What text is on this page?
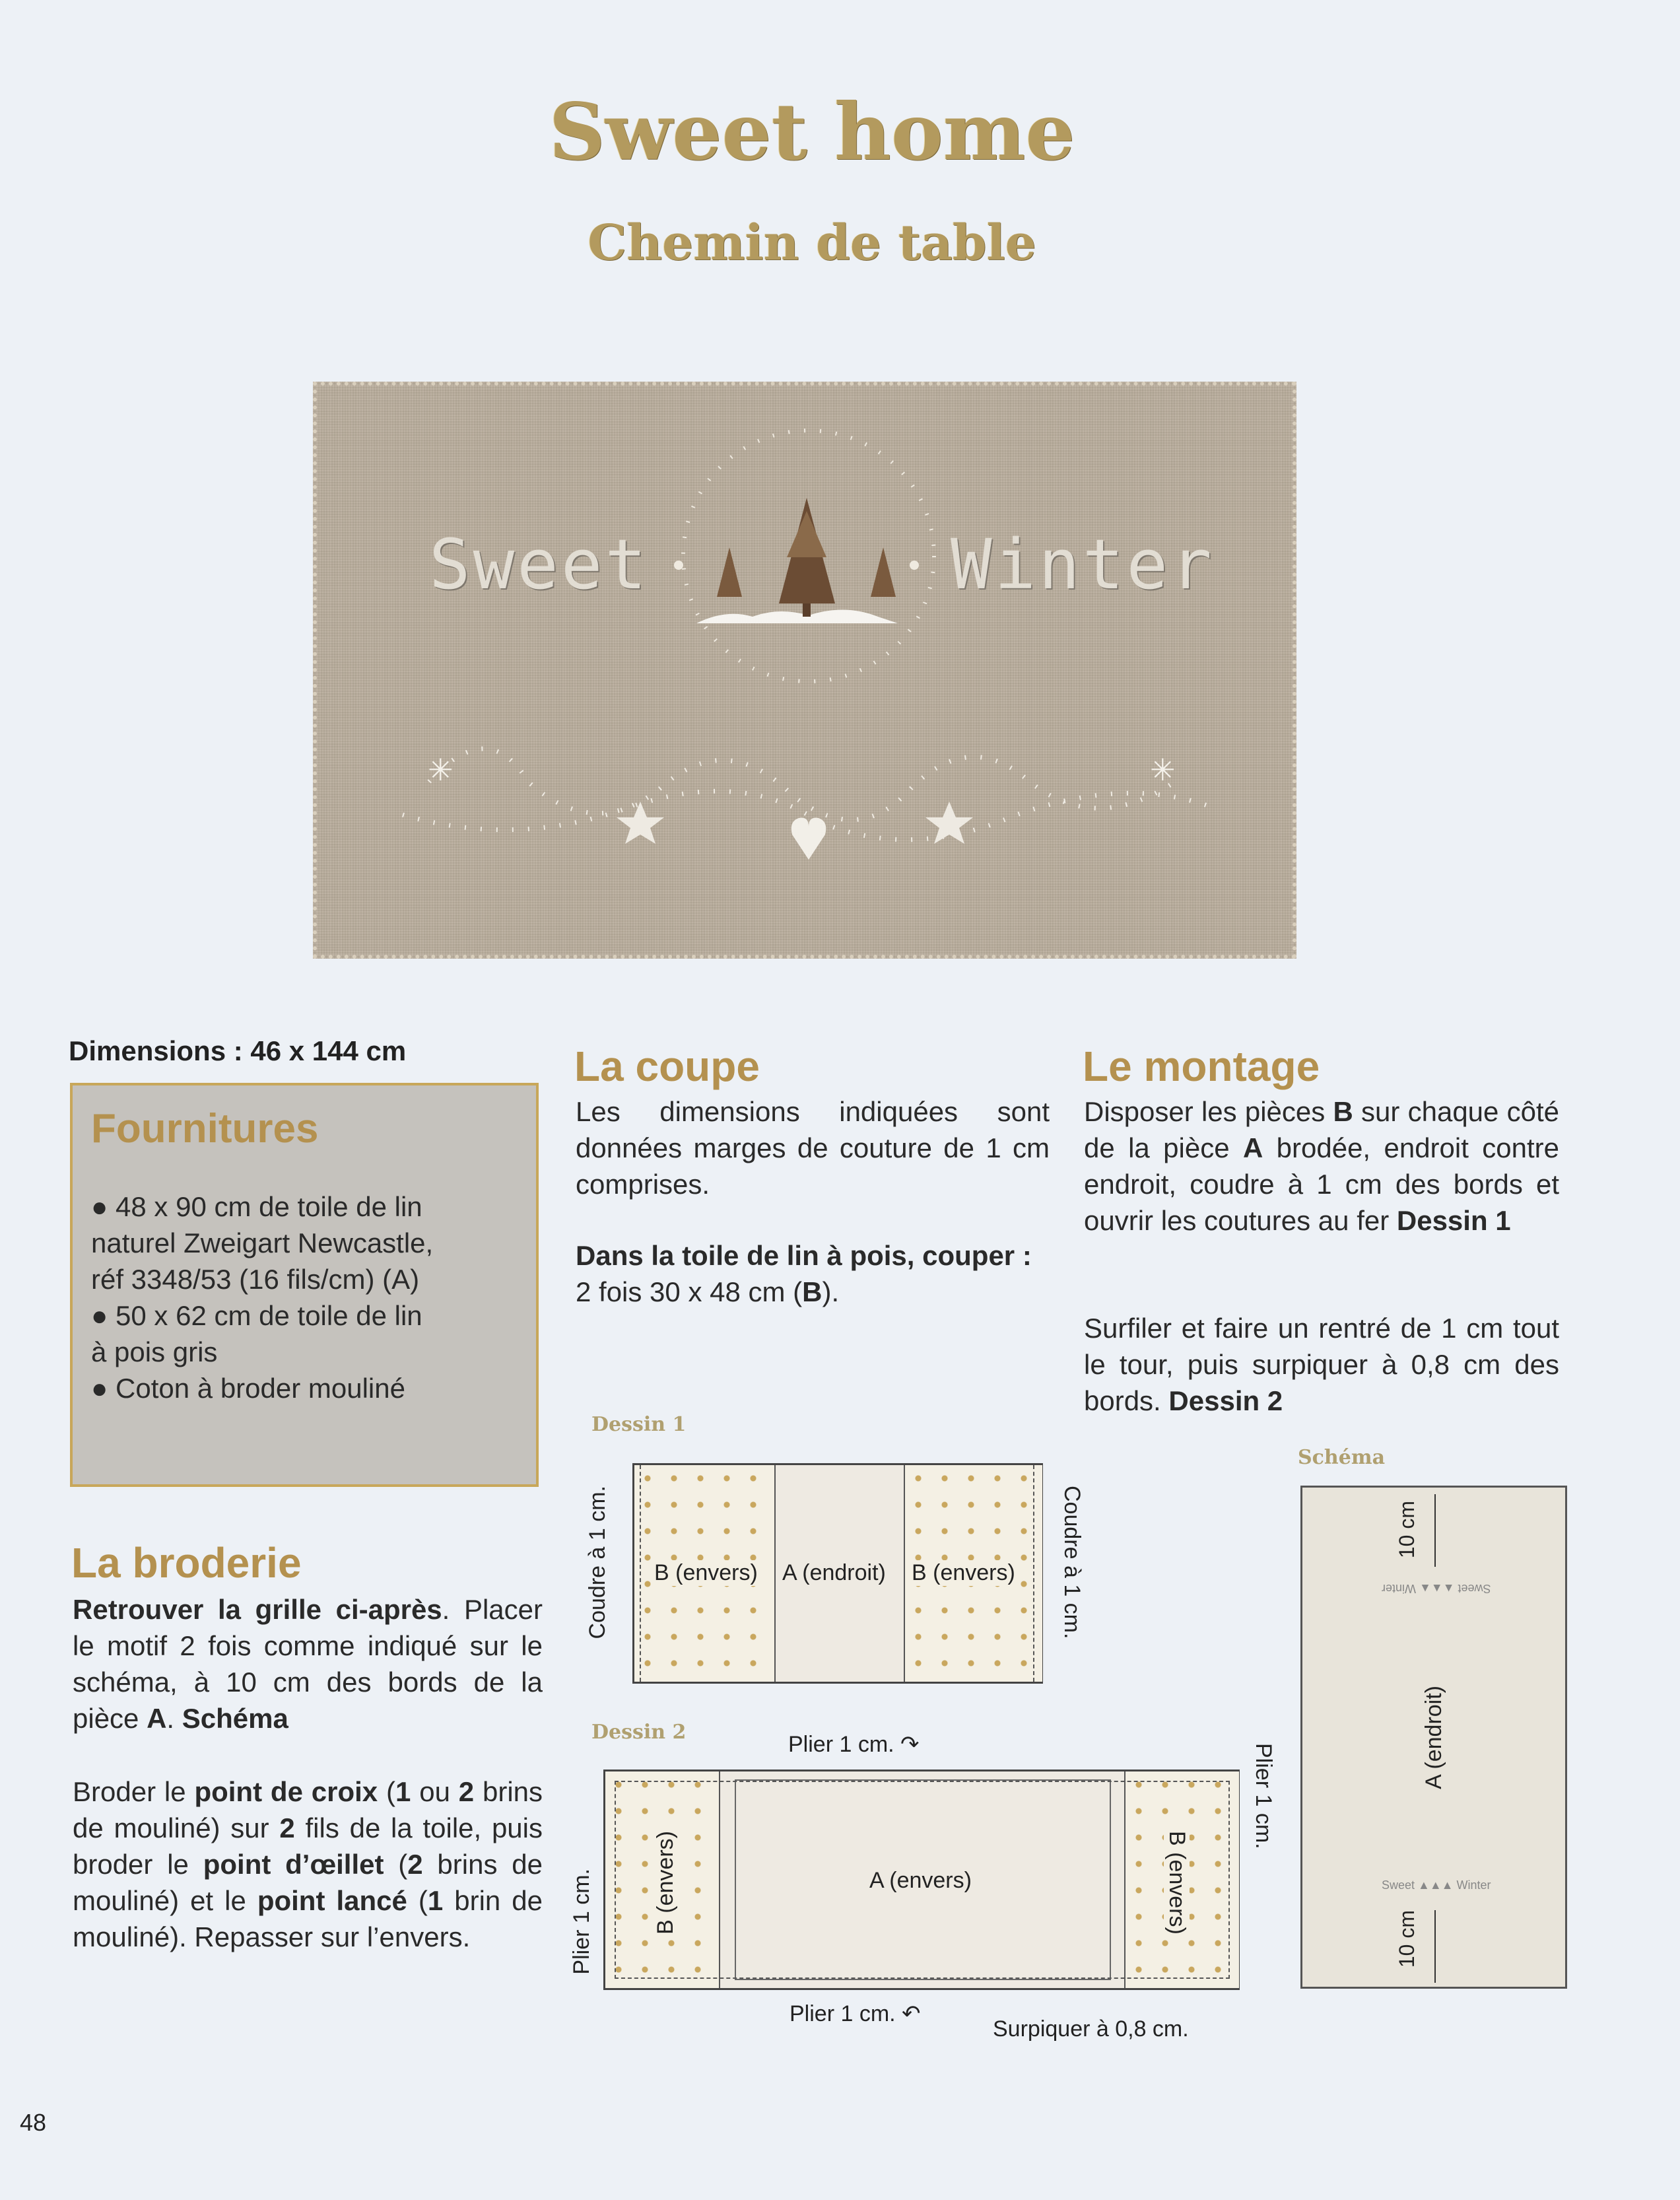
Sweet home
Chemin de table
✳	✳
Sweet	Winter
Dimensions : 46 x 144 cm
Fournitures
● 48 x 90 cm de toile de lin
naturel Zweigart Newcastle,
réf 3348/53 (16 fils/cm) (A)
● 50 x 62 cm de toile de lin
à pois gris
● Coton à broder mouliné
La broderie
Retrouver la grille ci-après. Placer le motif 2 fois comme indiqué sur le schéma, à 10 cm des bords de la pièce A. Schéma
Broder le point de croix (1 ou 2 brins de mouliné) sur 2 fils de la toile, puis broder le point d’œillet (2 brins de mouliné) et le point lancé (1 brin de mouliné). Repasser sur l’envers.
La coupe
Les dimensions indiquées sont données marges de couture de 1 cm comprises.
Dans la toile de lin à pois, couper :
2 fois 30 x 48 cm (B).
Le montage
Disposer les pièces B sur chaque côté de la pièce A brodée, endroit contre endroit, coudre à 1 cm des bords et ouvrir les coutures au fer Dessin 1
Surfiler et faire un rentré de 1 cm tout le tour, puis surpiquer à 0,8 cm des bords. Dessin 2
Dessin 1
B (envers) A (endroit) B (envers)
Coudre à 1 cm.	Coudre à 1 cm.
Dessin 2	Plier 1 cm. ↷
B (envers)	A (envers)	B (envers)
Plier 1 cm.
Plier 1 cm.
Plier 1 cm. ↶
Surpiquer à 0,8 cm.
Schéma
10 cm
Sweet ▲▲▲ Winter
A (endroit)
Sweet ▲▲▲ Winter
10 cm
48
